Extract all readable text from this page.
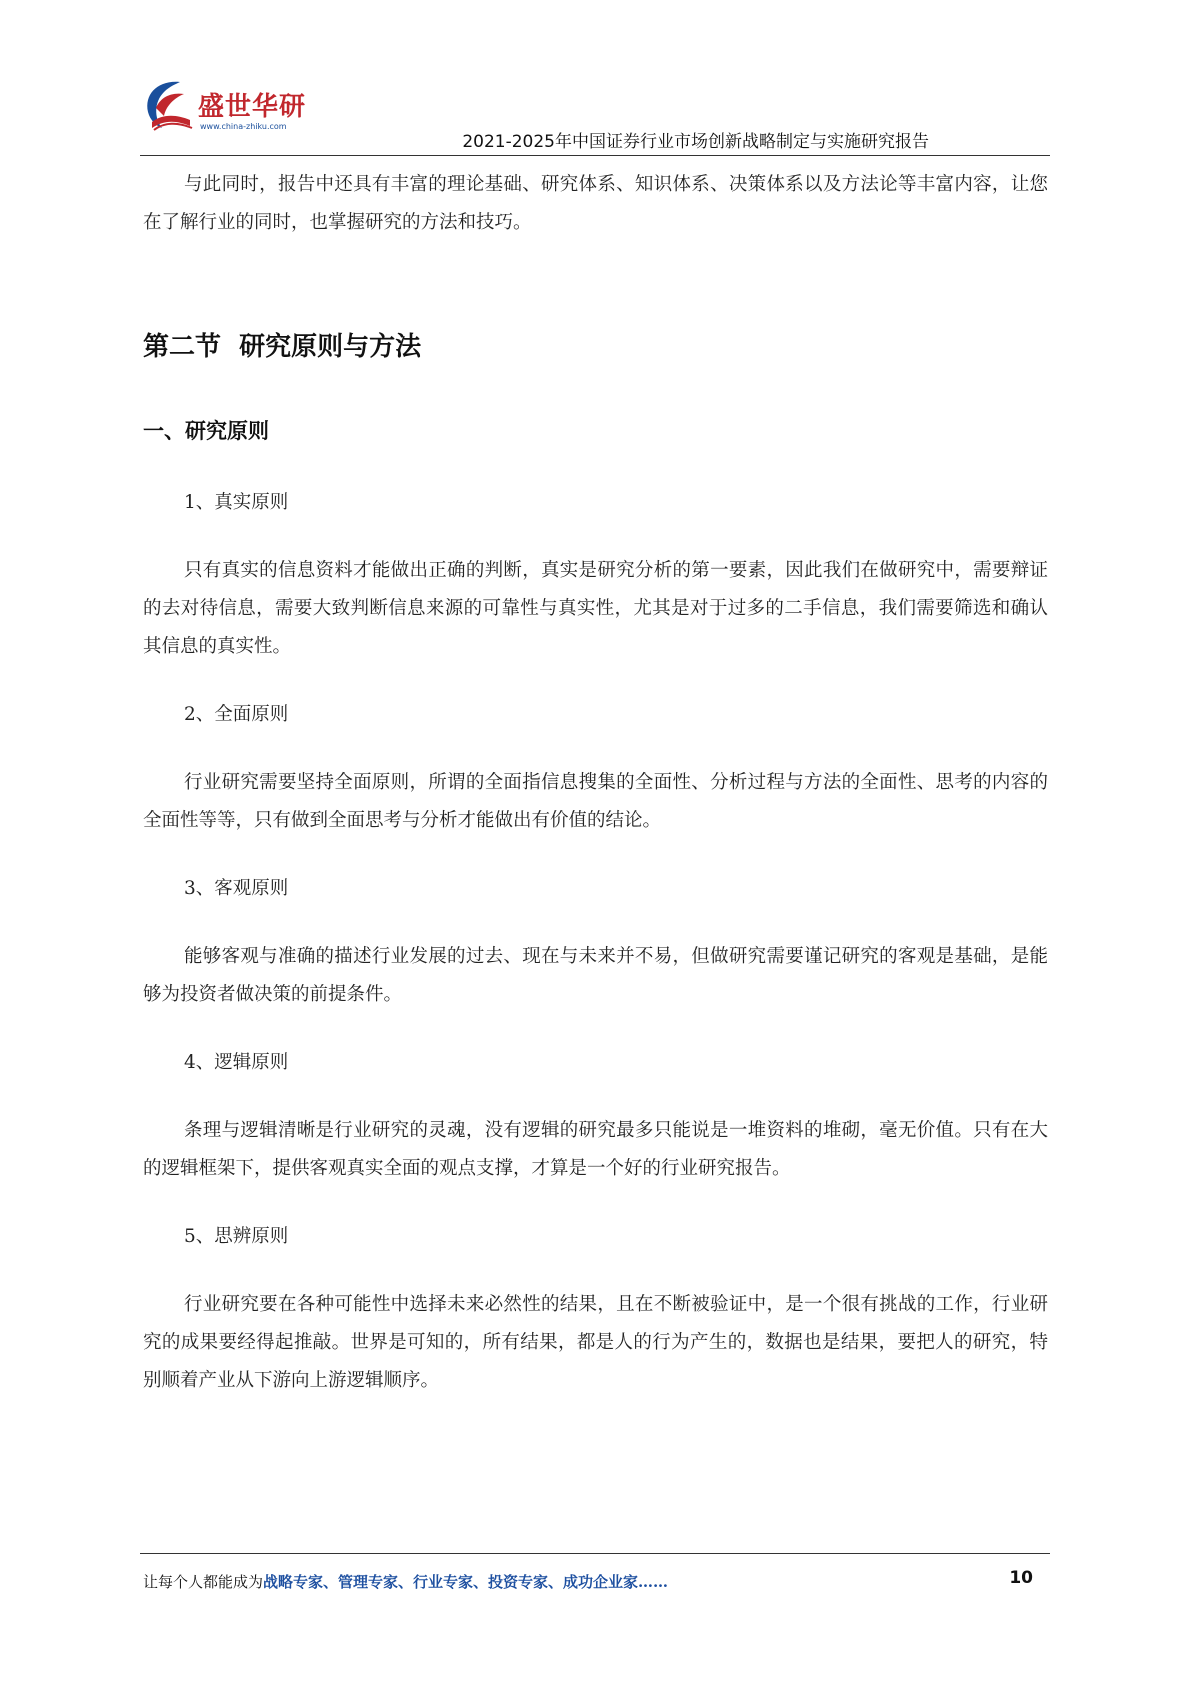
盛世华研
www.china-zhiku.com
2021-2025年中国证券行业市场创新战略制定与实施研究报告

与此同时，报告中还具有丰富的理论基础、研究体系、知识体系、决策体系以及方法论等丰富内容，让您在了解行业的同时，也掌握研究的方法和技巧。

第二节  研究原则与方法
一、研究原则

1、真实原则

只有真实的信息资料才能做出正确的判断，真实是研究分析的第一要素，因此我们在做研究中，需要辩证的去对待信息，需要大致判断信息来源的可靠性与真实性，尤其是对于过多的二手信息，我们需要筛选和确认其信息的真实性。

2、全面原则

行业研究需要坚持全面原则，所谓的全面指信息搜集的全面性、分析过程与方法的全面性、思考的内容的全面性等等，只有做到全面思考与分析才能做出有价值的结论。

3、客观原则

能够客观与准确的描述行业发展的过去、现在与未来并不易，但做研究需要谨记研究的客观是基础，是能够为投资者做决策的前提条件。

4、逻辑原则

条理与逻辑清晰是行业研究的灵魂，没有逻辑的研究最多只能说是一堆资料的堆砌，毫无价值。只有在大的逻辑框架下，提供客观真实全面的观点支撑，才算是一个好的行业研究报告。

5、思辨原则

行业研究要在各种可能性中选择未来必然性的结果，且在不断被验证中，是一个很有挑战的工作，行业研究的成果要经得起推敲。世界是可知的，所有结果，都是人的行为产生的，数据也是结果，要把人的研究，特别顺着产业从下游向上游逻辑顺序。

让每个人都能成为战略专家、管理专家、行业专家、投资专家、成功企业家……	10
